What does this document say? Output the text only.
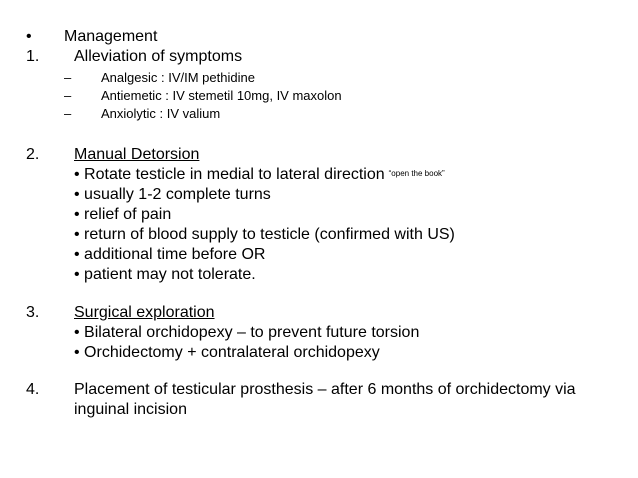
• Management
1. Alleviation of symptoms
– Analgesic : IV/IM pethidine
– Antiemetic : IV stemetil 10mg, IV maxolon
– Anxiolytic : IV valium
2. Manual Detorsion
• Rotate testicle in medial to lateral direction “open the book”
• usually 1-2 complete turns
• relief of pain
• return of blood supply to testicle (confirmed with US)
• additional time before OR
• patient may not tolerate.
3. Surgical exploration
• Bilateral orchidopexy – to prevent future torsion
• Orchidectomy + contralateral orchidopexy
4. Placement of testicular prosthesis – after 6 months of orchidectomy via
inguinal incision
